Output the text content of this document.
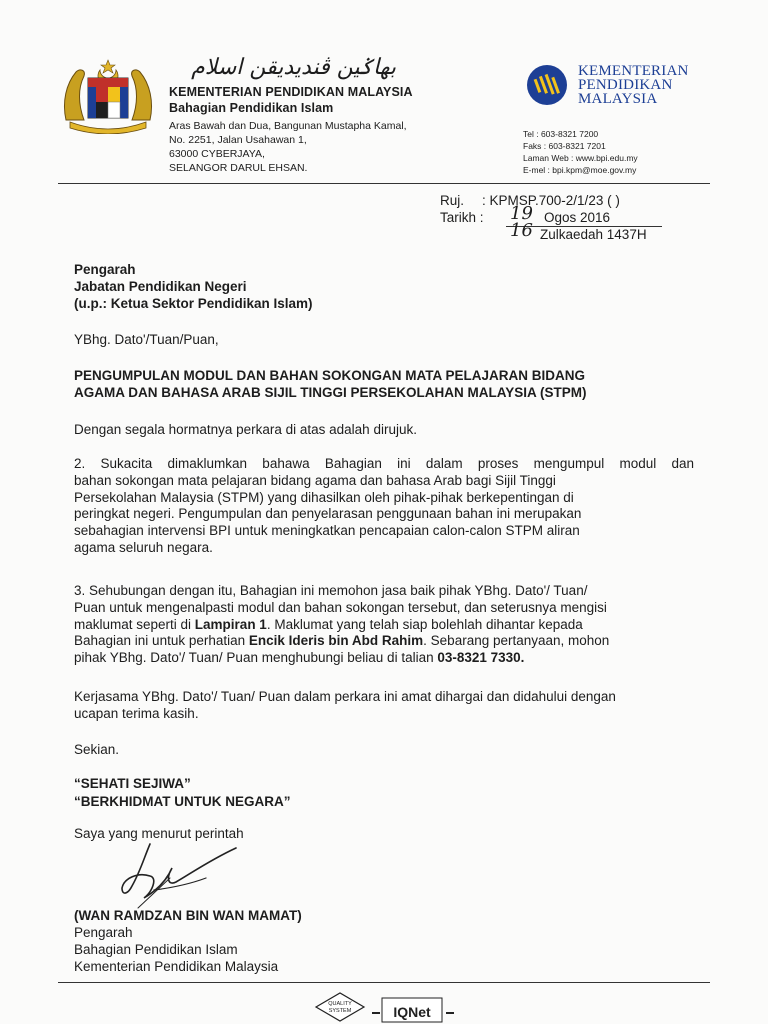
بهاݢين ڤنديديقن اسلام
KEMENTERIAN PENDIDIKAN MALAYSIA
Bahagian Pendidikan Islam
Aras Bawah dan Dua, Bangunan Mustapha Kamal,
No. 2251, Jalan Usahawan 1,
63000 CYBERJAYA,
SELANGOR DARUL EHSAN.
KEMENTERIAN
PENDIDIKAN
MALAYSIA
Tel : 603-8321 7200
Faks : 603-8321 7201
Laman Web : www.bpi.edu.my
E-mel : bpi.kpm@moe.gov.my
Ruj. : KPMSP.700-2/1/23 ( )
Tarikh : 19 Ogos 2016
16 Zulkaedah 1437H
Pengarah
Jabatan Pendidikan Negeri
(u.p.: Ketua Sektor Pendidikan Islam)
YBhg. Dato'/Tuan/Puan,
PENGUMPULAN MODUL DAN BAHAN SOKONGAN MATA PELAJARAN BIDANG
AGAMA DAN BAHASA ARAB SIJIL TINGGI PERSEKOLAHAN MALAYSIA (STPM)
Dengan segala hormatnya perkara di atas adalah dirujuk.
2. Sukacita dimaklumkan bahawa Bahagian ini dalam proses mengumpul modul dan
bahan sokongan mata pelajaran bidang agama dan bahasa Arab bagi Sijil Tinggi
Persekolahan Malaysia (STPM) yang dihasilkan oleh pihak-pihak berkepentingan di
peringkat negeri. Pengumpulan dan penyelarasan penggunaan bahan ini merupakan
sebahagian intervensi BPI untuk meningkatkan pencapaian calon-calon STPM aliran
agama seluruh negara.
3. Sehubungan dengan itu, Bahagian ini memohon jasa baik pihak YBhg. Dato'/ Tuan/
Puan untuk mengenalpasti modul dan bahan sokongan tersebut, dan seterusnya mengisi
maklumat seperti di Lampiran 1. Maklumat yang telah siap bolehlah dihantar kepada
Bahagian ini untuk perhatian Encik Ideris bin Abd Rahim. Sebarang pertanyaan, mohon
pihak YBhg. Dato'/ Tuan/ Puan menghubungi beliau di talian 03-8321 7330.
Kerjasama YBhg. Dato'/ Tuan/ Puan dalam perkara ini amat dihargai dan didahului dengan
ucapan terima kasih.
Sekian.
“SEHATI SEJIWA”
“BERKHIDMAT UNTUK NEGARA”
Saya yang menurut perintah
(WAN RAMDZAN BIN WAN MAMAT)
Pengarah
Bahagian Pendidikan Islam
Kementerian Pendidikan Malaysia
QUALITY
SYSTEM	IQNet
